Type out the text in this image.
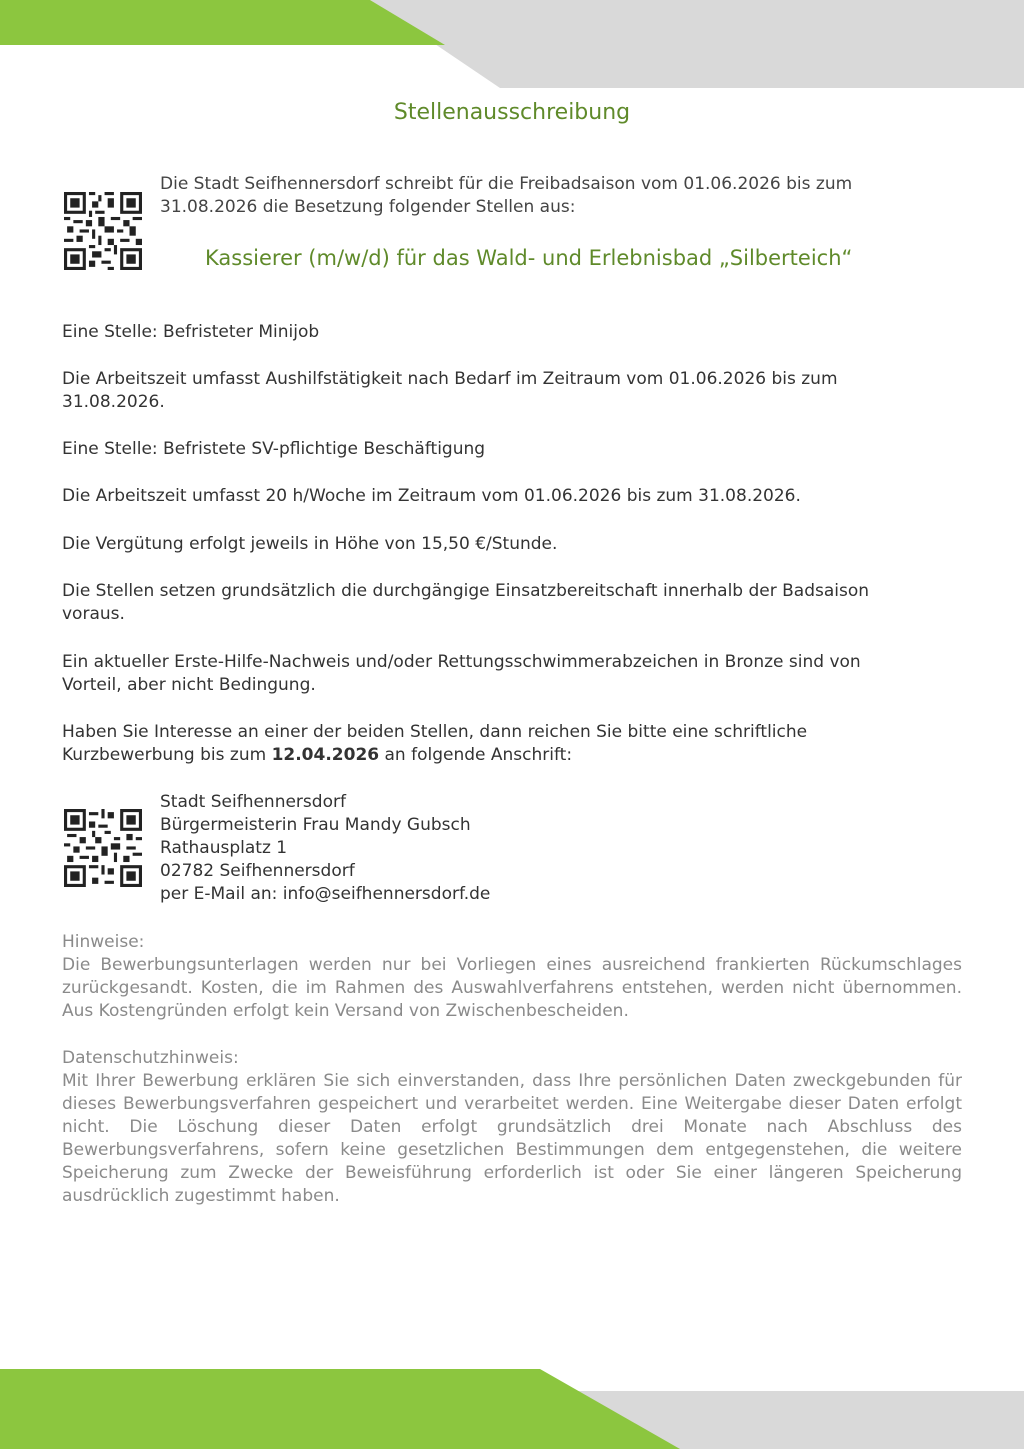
Stellenausschreibung
Die Stadt Seifhennersdorf schreibt für die Freibadsaison vom 01.06.2026 bis zum
31.08.2026 die Besetzung folgender Stellen aus:
Kassierer (m/w/d) für das Wald- und Erlebnisbad „Silberteich“
Eine Stelle: Befristeter Minijob
Die Arbeitszeit umfasst Aushilfstätigkeit nach Bedarf im Zeitraum vom 01.06.2026 bis zum
31.08.2026.
Eine Stelle: Befristete SV-pflichtige Beschäftigung
Die Arbeitszeit umfasst 20 h/Woche im Zeitraum vom 01.06.2026 bis zum 31.08.2026.
Die Vergütung erfolgt jeweils in Höhe von 15,50 €/Stunde.
Die Stellen setzen grundsätzlich die durchgängige Einsatzbereitschaft innerhalb der Badsaison
voraus.
Ein aktueller Erste-Hilfe-Nachweis und/oder Rettungsschwimmerabzeichen in Bronze sind von
Vorteil, aber nicht Bedingung.
Haben Sie Interesse an einer der beiden Stellen, dann reichen Sie bitte eine schriftliche
Kurzbewerbung bis zum 12.04.2026 an folgende Anschrift:
Stadt Seifhennersdorf
Bürgermeisterin Frau Mandy Gubsch
Rathausplatz 1
02782 Seifhennersdorf
per E-Mail an: info@seifhennersdorf.de
Hinweise:
Die Bewerbungsunterlagen werden nur bei Vorliegen eines ausreichend frankierten Rückumschlages zurückgesandt. Kosten, die im Rahmen des Auswahlverfahrens entstehen, werden nicht übernommen. Aus Kostengründen erfolgt kein Versand von Zwischenbescheiden.
Datenschutzhinweis:
Mit Ihrer Bewerbung erklären Sie sich einverstanden, dass Ihre persönlichen Daten zweckgebunden für dieses Bewerbungsverfahren gespeichert und verarbeitet werden. Eine Weitergabe dieser Daten erfolgt nicht. Die Löschung dieser Daten erfolgt grundsätzlich drei Monate nach Abschluss des Bewerbungsverfahrens, sofern keine gesetzlichen Bestimmungen dem entgegenstehen, die weitere Speicherung zum Zwecke der Beweisführung erforderlich ist oder Sie einer längeren Speicherung ausdrücklich zugestimmt haben.
